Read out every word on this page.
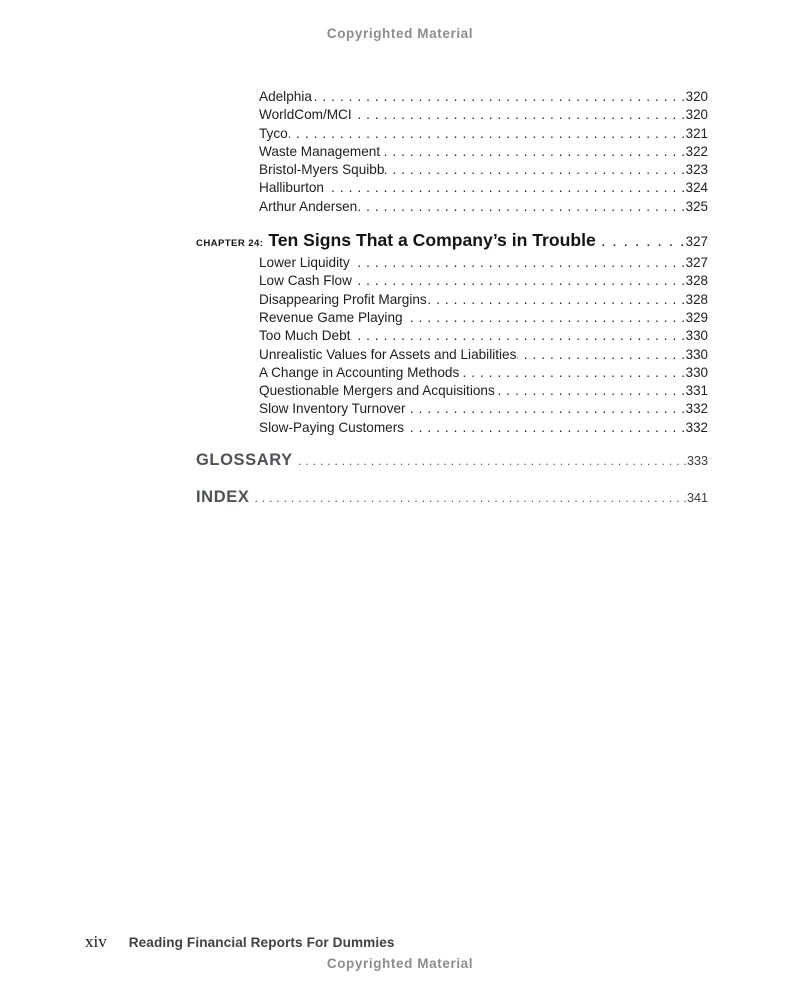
Copyrighted Material
Adelphia . . .	320
WorldCom/MCI . . .	320
Tyco . . .	321
Waste Management . . .	322
Bristol-Myers Squibb . . .	323
Halliburton . . .	324
Arthur Andersen . . .	325
CHAPTER 24: Ten Signs That a Company’s in Trouble . . .	327
Lower Liquidity . . .	327
Low Cash Flow . . .	328
Disappearing Profit Margins . . .	328
Revenue Game Playing . . .	329
Too Much Debt . . .	330
Unrealistic Values for Assets and Liabilities . . .	330
A Change in Accounting Methods . . .	330
Questionable Mergers and Acquisitions . . .	331
Slow Inventory Turnover . . .	332
Slow-Paying Customers . . .	332
GLOSSARY . . .	333
INDEX . . .	341
xiv Reading Financial Reports For Dummies
Copyrighted Material
